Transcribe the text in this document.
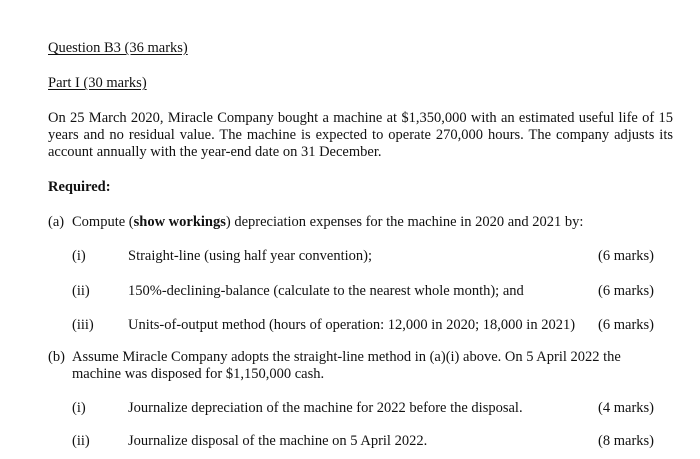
Question B3 (36 marks)
Part I (30 marks)
On 25 March 2020, Miracle Company bought a machine at $1,350,000 with an estimated useful life of 15 years and no residual value. The machine is expected to operate 270,000 hours. The company adjusts its account annually with the year-end date on 31 December.
Required:
(a) Compute (show workings) depreciation expenses for the machine in 2020 and 2021 by:
(i)	Straight-line (using half year convention);	(6 marks)
(ii)	150%-declining-balance (calculate to the nearest whole month); and	(6 marks)
(iii) Units-of-output method (hours of operation: 12,000 in 2020; 18,000 in 2021) (6 marks)
(b) Assume Miracle Company adopts the straight-line method in (a)(i) above. On 5 April 2022 the machine was disposed for $1,150,000 cash.
(i)	Journalize depreciation of the machine for 2022 before the disposal.	(4 marks)
(ii)	Journalize disposal of the machine on 5 April 2022.	(8 marks)
